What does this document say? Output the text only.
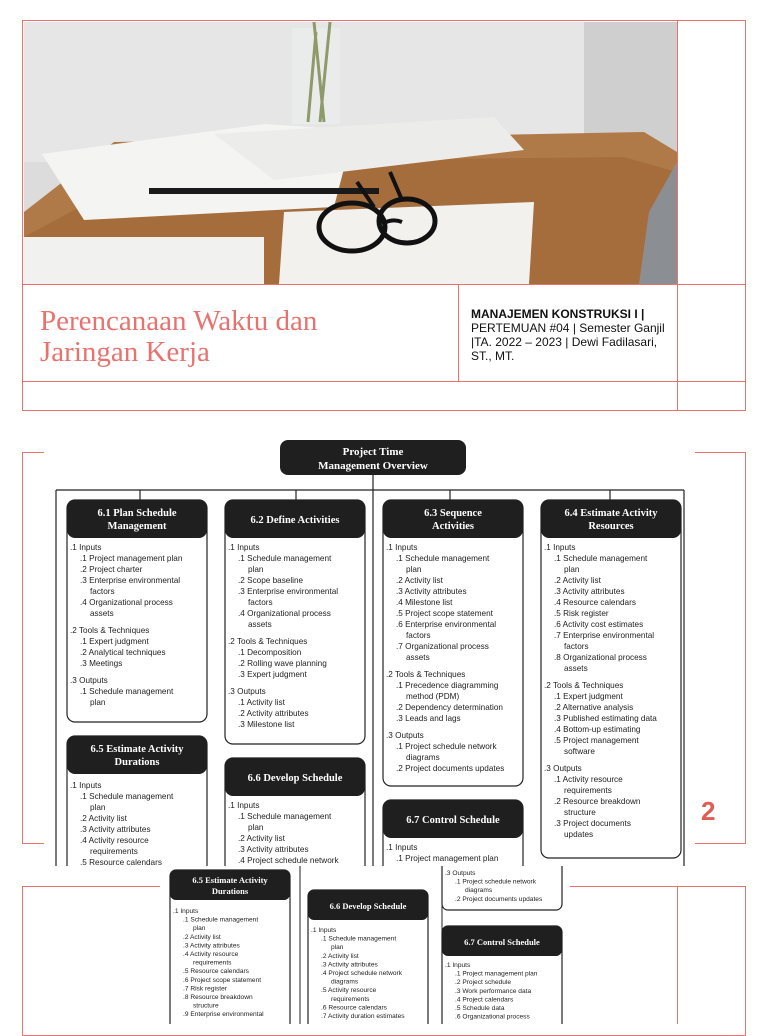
Perencanaan Waktu dan
Jaringan Kerja
MANAJEMEN KONSTRUKSI I |
PERTEMUAN #04 | Semester Ganjil |TA. 2022 – 2023 | Dewi Fadilasari, ST., MT.
2
Project Time
Management Overview
6.1 Plan Schedule
Management
.1 Inputs
.1 Project management plan
.2 Project charter
.3 Enterprise environmental
factors
.4 Organizational process
assets
.2 Tools & Techniques
.1 Expert judgment
.2 Analytical techniques
.3 Meetings
.3 Outputs
.1 Schedule management
plan
6.2 Define Activities
.1 Inputs
.1 Schedule management
plan
.2 Scope baseline
.3 Enterprise environmental
factors
.4 Organizational process
assets
.2 Tools & Techniques
.1 Decomposition
.2 Rolling wave planning
.3 Expert judgment
.3 Outputs
.1 Activity list
.2 Activity attributes
.3 Milestone list
6.3 Sequence
Activities
.1 Inputs
.1 Schedule management
plan
.2 Activity list
.3 Activity attributes
.4 Milestone list
.5 Project scope statement
.6 Enterprise environmental
factors
.7 Organizational process
assets
.2 Tools & Techniques
.1 Precedence diagramming
method (PDM)
.2 Dependency determination
.3 Leads and lags
.3 Outputs
.1 Project schedule network
diagrams
.2 Project documents updates
6.4 Estimate Activity
Resources
.1 Inputs
.1 Schedule management
plan
.2 Activity list
.3 Activity attributes
.4 Resource calendars
.5 Risk register
.6 Activity cost estimates
.7 Enterprise environmental
factors
.8 Organizational process
assets
.2 Tools & Techniques
.1 Expert judgment
.2 Alternative analysis
.3 Published estimating data
.4 Bottom-up estimating
.5 Project management
software
.3 Outputs
.1 Activity resource
requirements
.2 Resource breakdown
structure
.3 Project documents
updates
6.5 Estimate Activity
Durations
.1 Inputs
.1 Schedule management
plan
.2 Activity list
.3 Activity attributes
.4 Activity resource
requirements
.5 Resource calendars
6.6 Develop Schedule
.1 Inputs
.1 Schedule management
plan
.2 Activity list
.3 Activity attributes
.4 Project schedule network
6.7 Control Schedule
.1 Inputs
.1 Project management plan
6.5 Estimate Activity
Durations
.1 Inputs
.1 Schedule management
plan
.2 Activity list
.3 Activity attributes
.4 Activity resource
requirements
.5 Resource calendars
.6 Project scope statement
.7 Risk register
.8 Resource breakdown
structure
.9 Enterprise environmental
6.6 Develop Schedule
.1 Inputs
.1 Schedule management
plan
.2 Activity list
.3 Activity attributes
.4 Project schedule network
diagrams
.5 Activity resource
requirements
.6 Resource calendars
.7 Activity duration estimates
.3 Outputs
.1 Project schedule network
diagrams
.2 Project documents updates
6.7 Control Schedule
.1 Inputs
.1 Project management plan
.2 Project schedule
.3 Work performance data
.4 Project calendars
.5 Schedule data
.6 Organizational process
